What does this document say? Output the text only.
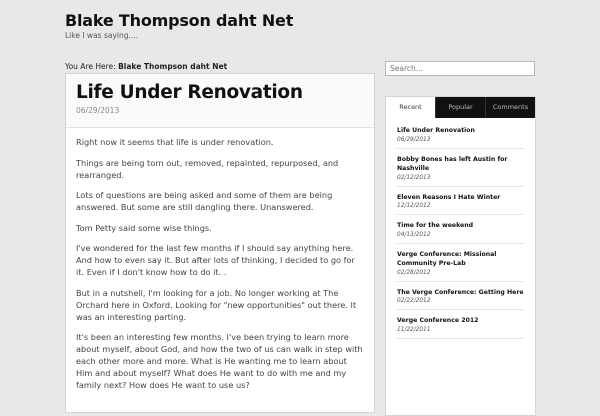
Blake Thompson daht Net
Like I was saying....
You Are Here: Blake Thompson daht Net
Life Under Renovation
06/29/2013

Right now it seems that life is under renovation.

Things are being torn out, removed, repainted, repurposed, and rearranged.

Lots of questions are being asked and some of them are being answered. But some are still dangling there. Unanswered.

Tom Petty said some wise things.

I've wondered for the last few months if I should say anything here. And how to even say it. But after lots of thinking, I decided to go for it. Even if I don't know how to do it. .

But in a nutshell, I'm looking for a job. No longer working at The Orchard here in Oxford. Looking for "new opportunities" out there. It was an interesting parting.

It's been an interesting few months. I've been trying to learn more about myself, about God, and how the two of us can walk in step with each other more and more. What is He wanting me to learn about Him and about myself? What does He want to do with me and my family next? How does He want to use us?

Search...
Recent	Popular	Comments
Life Under Renovation
06/29/2013
Bobby Bones has left Austin for Nashville
02/12/2013
Eleven Reasons I Hate Winter
12/12/2012
Time for the weekend
04/13/2012
Verge Conference: Missional Community Pre-Lab
02/28/2012
The Verge Conference: Getting Here
02/22/2012
Verge Conference 2012
11/22/2011
